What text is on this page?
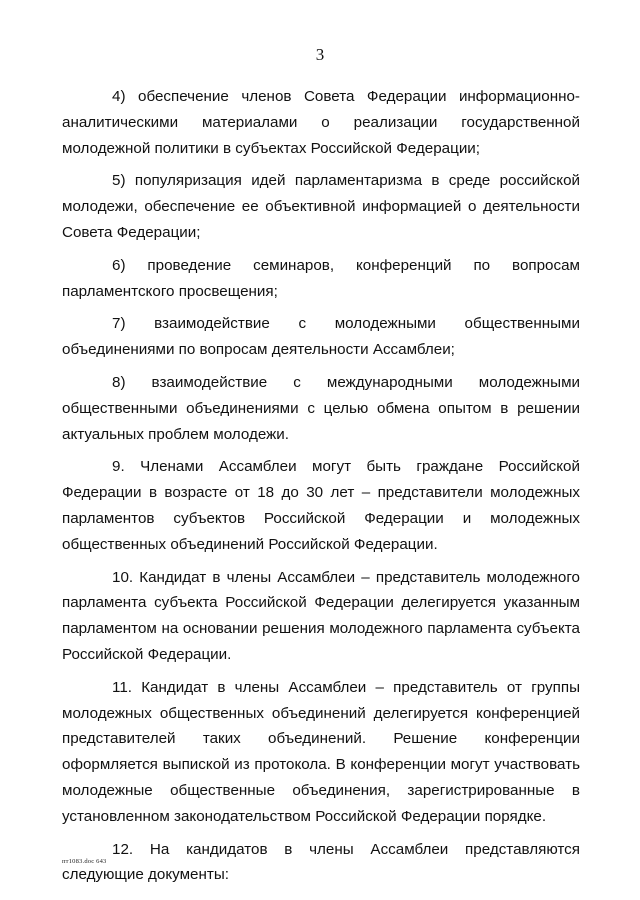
3

4) обеспечение членов Совета Федерации информационно-аналитическими материалами о реализации государственной молодежной политики в субъектах Российской Федерации;

5) популяризация идей парламентаризма в среде российской молодежи, обеспечение ее объективной информацией о деятельности Совета Федерации;

6) проведение семинаров, конференций по вопросам парламентского просвещения;

7) взаимодействие с молодежными общественными объединениями по вопросам деятельности Ассамблеи;

8) взаимодействие с международными молодежными общественными объединениями с целью обмена опытом в решении актуальных проблем молодежи.

9. Членами Ассамблеи могут быть граждане Российской Федерации в возрасте от 18 до 30 лет – представители молодежных парламентов субъектов Российской Федерации и молодежных общественных объединений Российской Федерации.

10. Кандидат в члены Ассамблеи – представитель молодежного парламента субъекта Российской Федерации делегируется указанным парламентом на основании решения молодежного парламента субъекта Российской Федерации.

11. Кандидат в члены Ассамблеи – представитель от группы молодежных общественных объединений делегируется конференцией представителей таких объединений. Решение конференции оформляется выпиской из протокола. В конференции могут участвовать молодежные общественные объединения, зарегистрированные в установленном законодательством Российской Федерации порядке.

12. На кандидатов в члены Ассамблеи представляются следующие документы:

пт1083.doc 643
